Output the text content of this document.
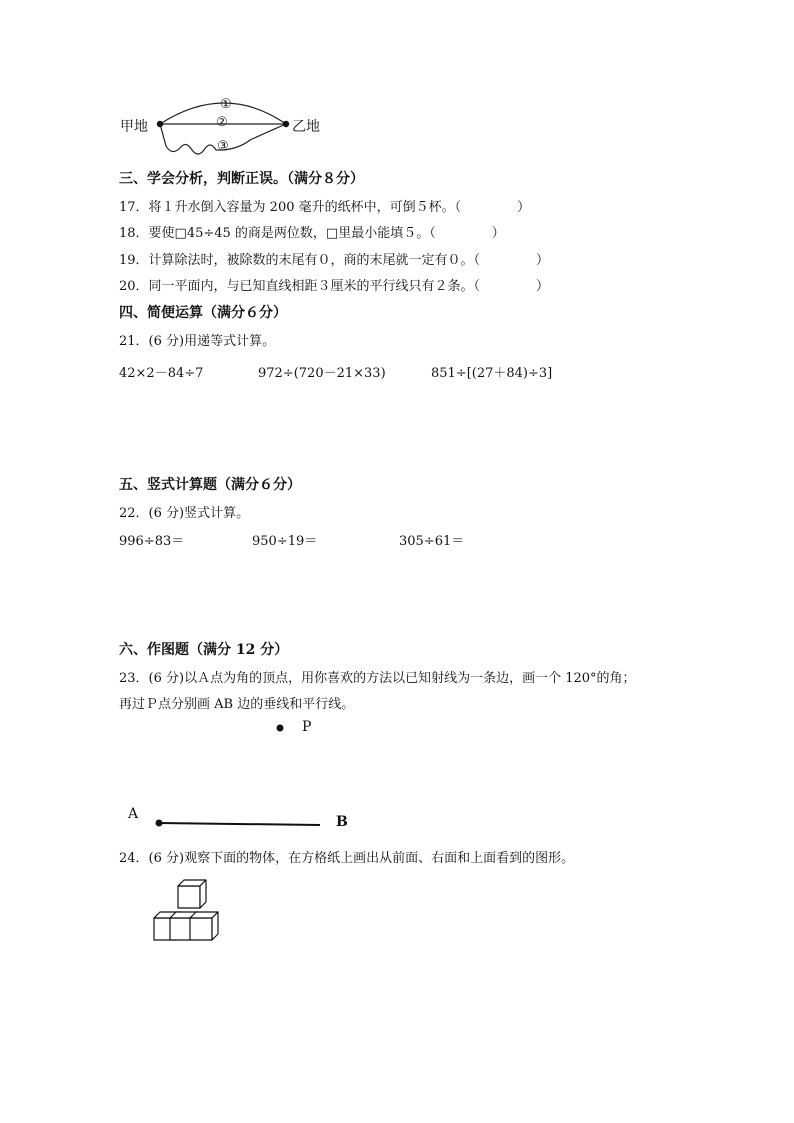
甲地	乙地
①
②
③
三、学会分析，判断正误。（满分８分）
17．将１升水倒入容量为 200 毫升的纸杯中，可倒５杯。（	）
18．要使□45÷45 的商是两位数，□里最小能填５。（	）
19．计算除法时，被除数的末尾有０，商的末尾就一定有０。（	）
20．同一平面内，与已知直线相距３厘米的平行线只有２条。（	）
四、简便运算（满分６分）
21．(6 分)用递等式计算。
42×2－84÷7	972÷(720－21×33)	851÷[(27＋84)÷3]
五、竖式计算题（满分６分）
22．(6 分)竖式计算。
996÷83＝	950÷19＝	305÷61＝
六、作图题（满分 12 分）
23．(6 分)以Ａ点为角的顶点，用你喜欢的方法以已知射线为一条边，画一个 120°的角；
再过Ｐ点分别画 AB 边的垂线和平行线。
P
A	B
24．(6 分)观察下面的物体，在方格纸上画出从前面、右面和上面看到的图形。
